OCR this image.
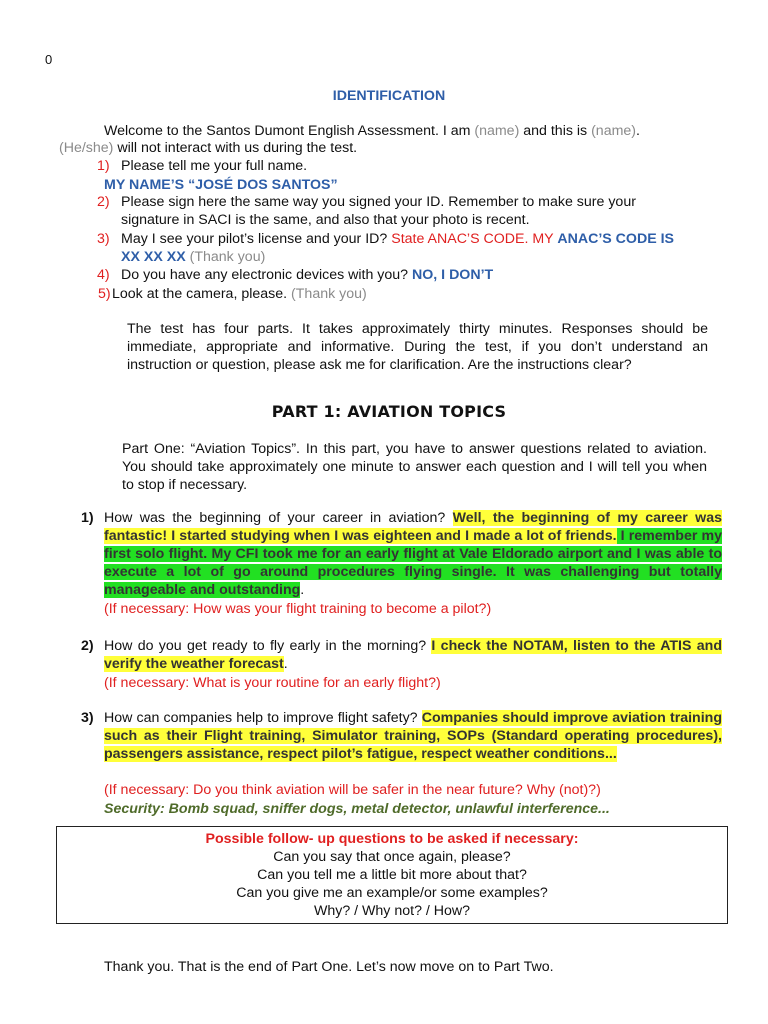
0
IDENTIFICATION
Welcome to the Santos Dumont English Assessment. I am (name) and this is (name).
(He/she) will not interact with us during the test.
1) Please tell me your full name.
MY NAME’S “JOSÉ DOS SANTOS”
2) Please sign here the same way you signed your ID. Remember to make sure your
signature in SACI is the same, and also that your photo is recent.
3) May I see your pilot’s license and your ID? State ANAC’S CODE. MY ANAC’S CODE IS
XX XX XX (Thank you)
4) Do you have any electronic devices with you? NO, I DON’T
5) Look at the camera, please. (Thank you)
The test has four parts. It takes approximately thirty minutes. Responses should be immediate, appropriate and informative. During the test, if you don’t understand an instruction or question, please ask me for clarification. Are the instructions clear?
PART 1: AVIATION TOPICS
Part One: “Aviation Topics”. In this part, you have to answer questions related to aviation. You should take approximately one minute to answer each question and I will tell you when to stop if necessary.
1) How was the beginning of your career in aviation? Well, the beginning of my career was fantastic! I started studying when I was eighteen and I made a lot of friends. I remember my first solo flight. My CFI took me for an early flight at Vale Eldorado airport and I was able to execute a lot of go around procedures flying single. It was challenging but totally manageable and outstanding.
(If necessary: How was your flight training to become a pilot?)
2) How do you get ready to fly early in the morning? I check the NOTAM, listen to the ATIS and verify the weather forecast.
(If necessary: What is your routine for an early flight?)
3) How can companies help to improve flight safety? Companies should improve aviation training such as their Flight training, Simulator training, SOPs (Standard operating procedures), passengers assistance, respect pilot’s fatigue, respect weather conditions...
(If necessary: Do you think aviation will be safer in the near future? Why (not)?)
Security: Bomb squad, sniffer dogs, metal detector, unlawful interference...
Possible follow- up questions to be asked if necessary:
Can you say that once again, please?
Can you tell me a little bit more about that?
Can you give me an example/or some examples?
Why? / Why not? / How?
Thank you. That is the end of Part One. Let’s now move on to Part Two.
